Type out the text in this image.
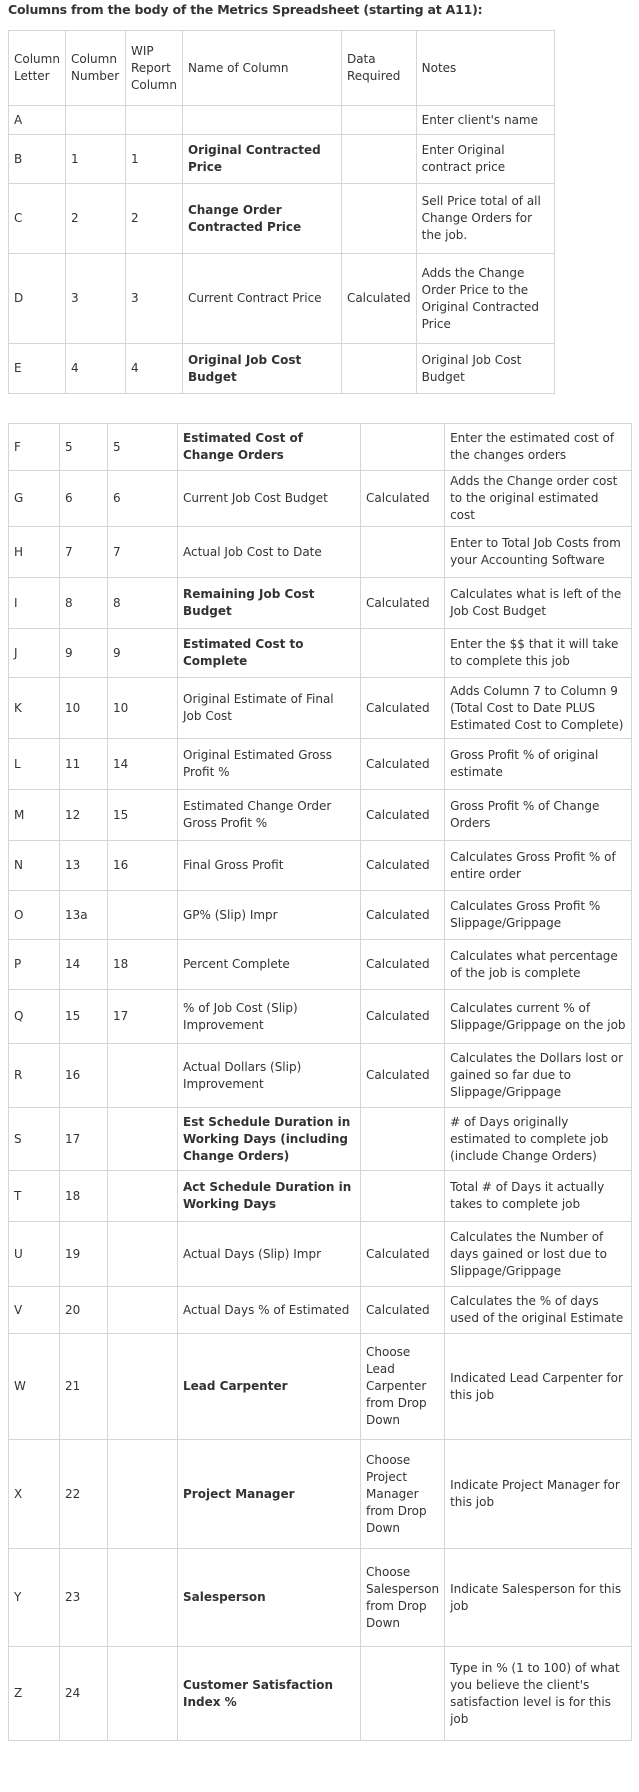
Columns from the body of the Metrics Spreadsheet (starting at A11):
Column Letter	Column Number	WIP Report Column	Name of Column	Data Required	Notes
A					Enter client's name
B	1	1	Original Contracted Price		Enter Original contract price
C	2	2	Change Order Contracted Price		Sell Price total of all Change Orders for the job.
D	3	3	Current Contract Price	Calculated	Adds the Change Order Price to the Original Contracted Price
E	4	4	Original Job Cost Budget		Original Job Cost Budget
F	5	5	Estimated Cost of Change Orders		Enter the estimated cost of the changes orders
G	6	6	Current Job Cost Budget	Calculated	Adds the Change order cost to the original estimated cost
H	7	7	Actual Job Cost to Date		Enter to Total Job Costs from your Accounting Software
I	8	8	Remaining Job Cost Budget	Calculated	Calculates what is left of the Job Cost Budget
J	9	9	Estimated Cost to Complete		Enter the $$ that it will take to complete this job
K	10	10	Original Estimate of Final Job Cost	Calculated	Adds Column 7 to Column 9 (Total Cost to Date PLUS Estimated Cost to Complete)
L	11	14	Original Estimated Gross Profit %	Calculated	Gross Profit % of original estimate
M	12	15	Estimated Change Order Gross Profit %	Calculated	Gross Profit % of Change Orders
N	13	16	Final Gross Profit	Calculated	Calculates Gross Profit % of entire order
O	13a		GP% (Slip) Impr	Calculated	Calculates Gross Profit % Slippage/Grippage
P	14	18	Percent Complete	Calculated	Calculates what percentage of the job is complete
Q	15	17	% of Job Cost (Slip) Improvement	Calculated	Calculates current % of Slippage/Grippage on the job
R	16		Actual Dollars (Slip) Improvement	Calculated	Calculates the Dollars lost or gained so far due to Slippage/Grippage
S	17		Est Schedule Duration in Working Days (including Change Orders)		# of Days originally estimated to complete job (include Change Orders)
T	18		Act Schedule Duration in Working Days		Total # of Days it actually takes to complete job
U	19		Actual Days (Slip) Impr	Calculated	Calculates the Number of days gained or lost due to Slippage/Grippage
V	20		Actual Days % of Estimated	Calculated	Calculates the % of days used of the original Estimate
W	21		Lead Carpenter	Choose Lead Carpenter from Drop Down	Indicated Lead Carpenter for this job
X	22		Project Manager	Choose Project Manager from Drop Down	Indicate Project Manager for this job
Y	23		Salesperson	Choose Salesperson from Drop Down	Indicate Salesperson for this job
Z	24		Customer Satisfaction Index %		Type in % (1 to 100) of what you believe the client's satisfaction level is for this job
